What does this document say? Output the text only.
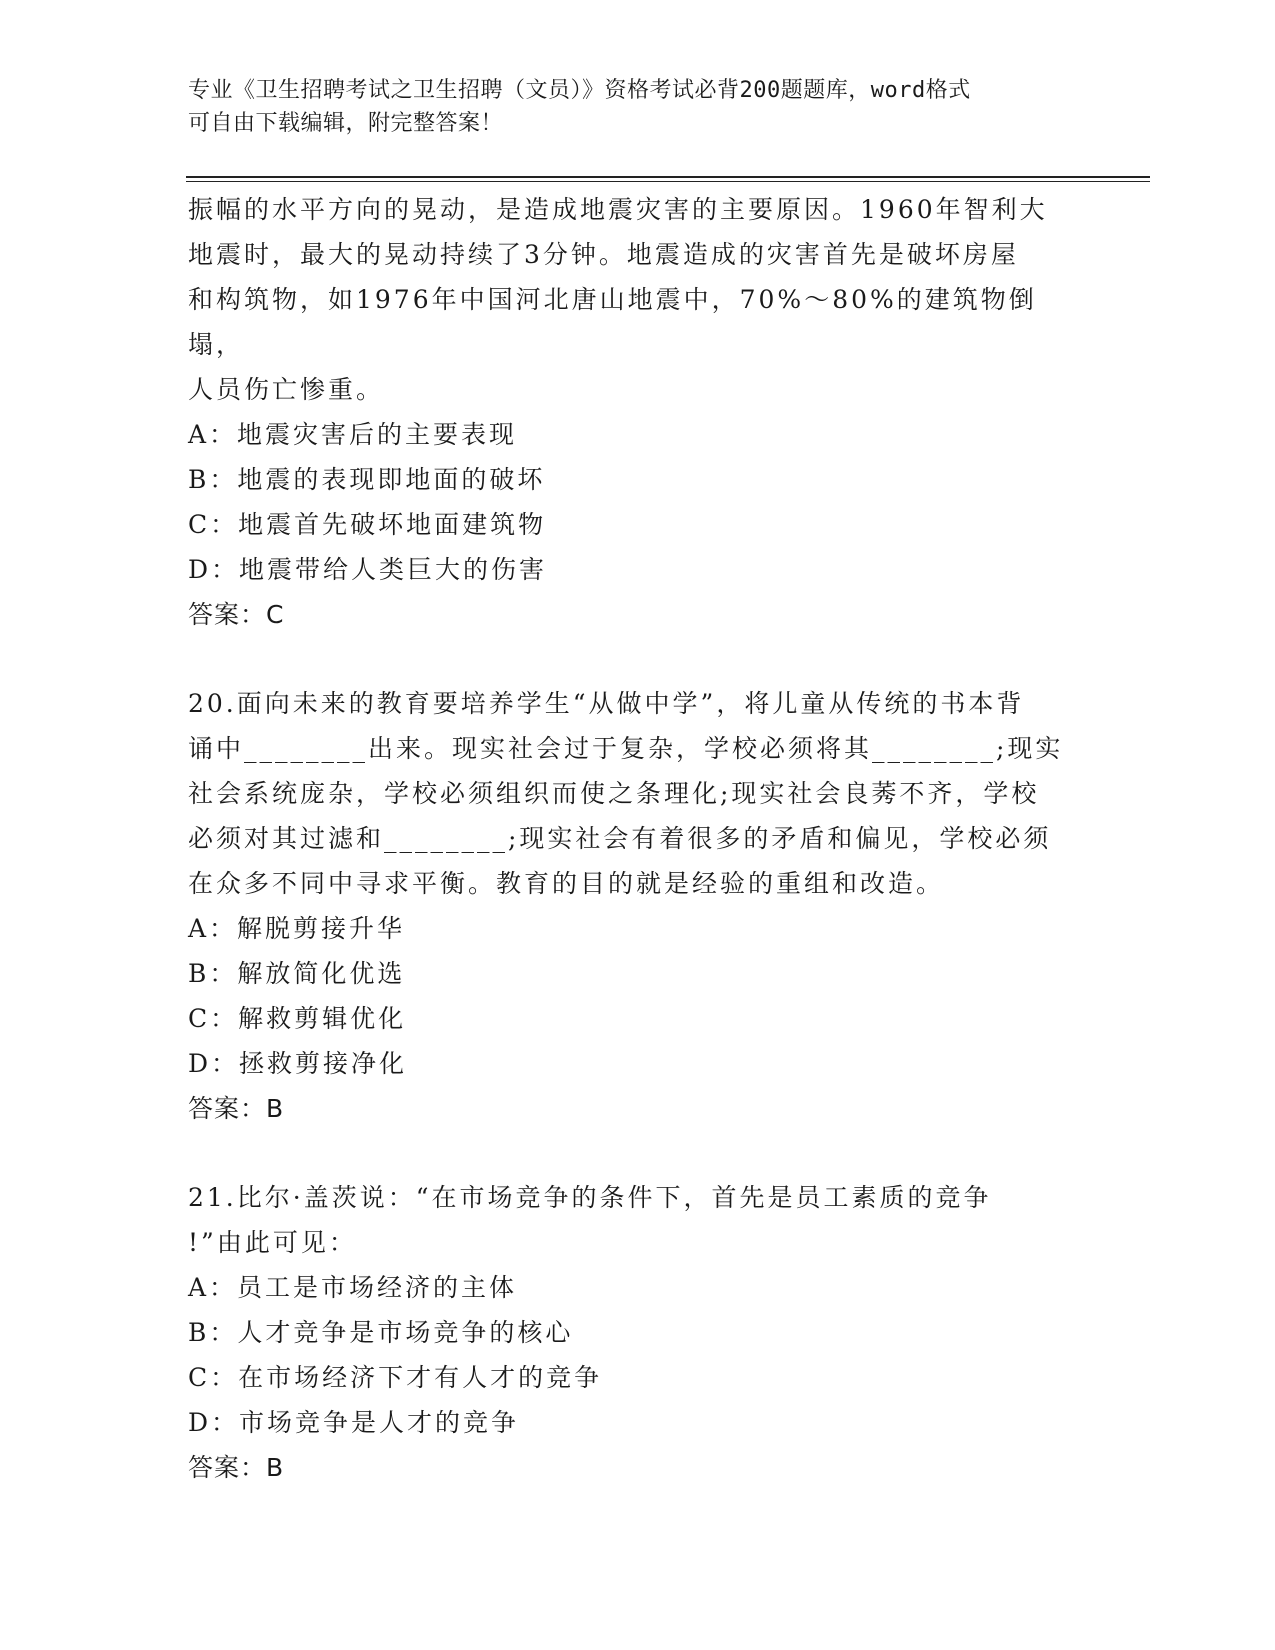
专业《卫生招聘考试之卫生招聘（文员）》资格考试必背200题题库，word格式
可自由下载编辑，附完整答案！

振幅的水平方向的晃动，是造成地震灾害的主要原因。1960年智利大

地震时，最大的晃动持续了3分钟。地震造成的灾害首先是破坏房屋

和构筑物，如1976年中国河北唐山地震中，70%～80%的建筑物倒塌，

人员伤亡惨重。

A：地震灾害后的主要表现

B：地震的表现即地面的破坏

C：地震首先破坏地面建筑物

D：地震带给人类巨大的伤害

答案：C

20.面向未来的教育要培养学生“从做中学”，将儿童从传统的书本背

诵中________出来。现实社会过于复杂，学校必须将其________;现实

社会系统庞杂，学校必须组织而使之条理化;现实社会良莠不齐，学校

必须对其过滤和________;现实社会有着很多的矛盾和偏见，学校必须

在众多不同中寻求平衡。教育的目的就是经验的重组和改造。

A：解脱剪接升华

B：解放简化优选

C：解救剪辑优化

D：拯救剪接净化

答案：B

21.比尔·盖茨说：“在市场竞争的条件下，首先是员工素质的竞争

!”由此可见：

A：员工是市场经济的主体

B：人才竞争是市场竞争的核心

C：在市场经济下才有人才的竞争

D：市场竞争是人才的竞争

答案：B
